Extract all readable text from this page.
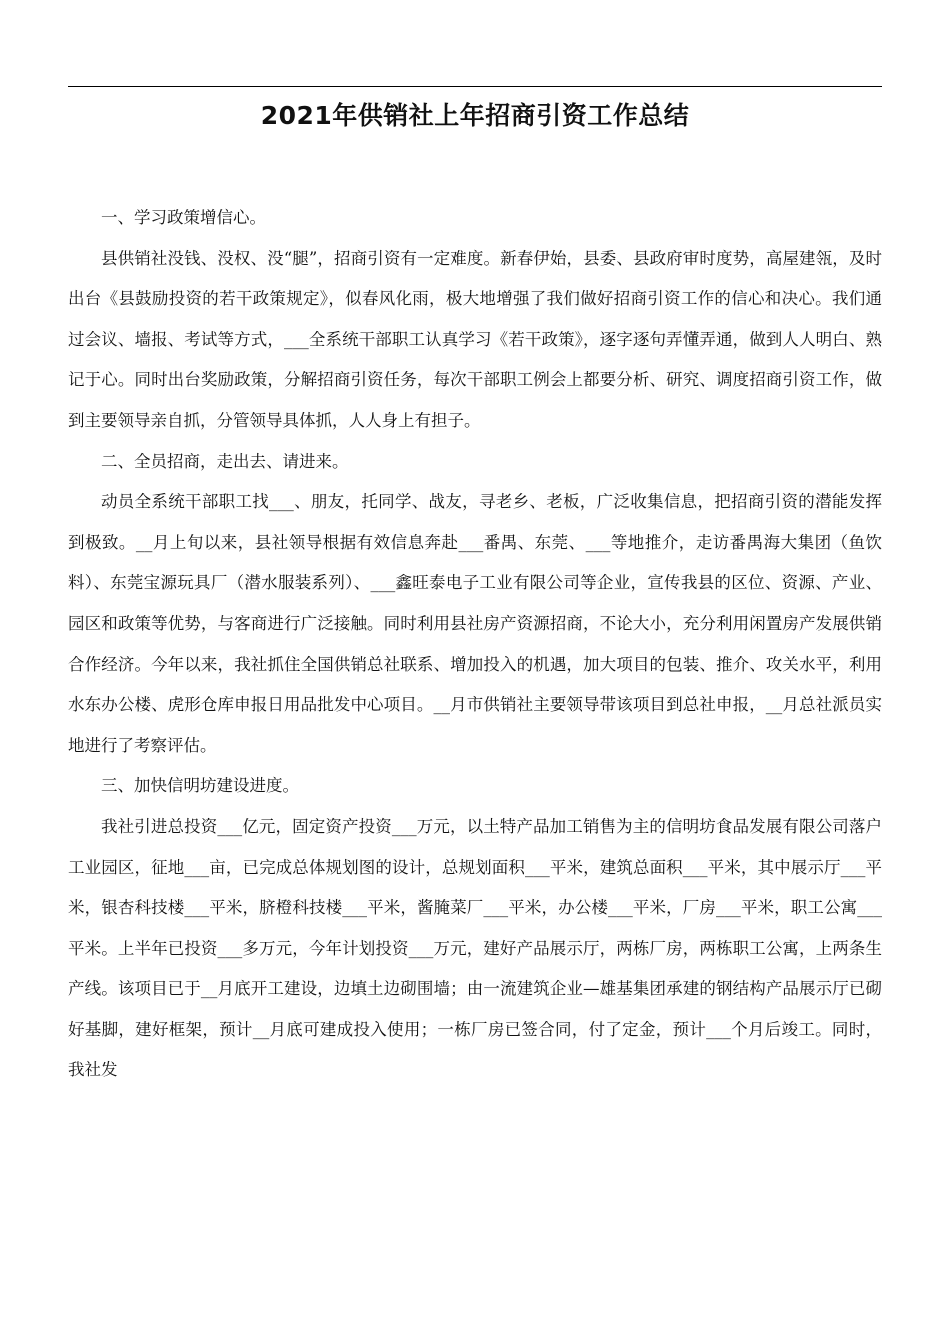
2021年供销社上年招商引资工作总结

一、学习政策增信心。

县供销社没钱、没权、没“腿”，招商引资有一定难度。新春伊始，县委、县政府审时度势，高屋建瓴，及时出台《县鼓励投资的若干政策规定》，似春风化雨，极大地增强了我们做好招商引资工作的信心和决心。我们通过会议、墙报、考试等方式，___全系统干部职工认真学习《若干政策》，逐字逐句弄懂弄通，做到人人明白、熟记于心。同时出台奖励政策，分解招商引资任务，每次干部职工例会上都要分析、研究、调度招商引资工作，做到主要领导亲自抓，分管领导具体抓，人人身上有担子。

二、全员招商，走出去、请进来。

动员全系统干部职工找___、朋友，托同学、战友，寻老乡、老板，广泛收集信息，把招商引资的潜能发挥到极致。__月上旬以来，县社领导根据有效信息奔赴___番禺、东莞、___等地推介，走访番禺海大集团（鱼饮料）、东莞宝源玩具厂（潜水服装系列）、___鑫旺泰电子工业有限公司等企业，宣传我县的区位、资源、产业、园区和政策等优势，与客商进行广泛接触。同时利用县社房产资源招商，不论大小，充分利用闲置房产发展供销合作经济。今年以来，我社抓住全国供销总社联系、增加投入的机遇，加大项目的包装、推介、攻关水平，利用水东办公楼、虎形仓库申报日用品批发中心项目。__月市供销社主要领导带该项目到总社申报，__月总社派员实地进行了考察评估。

三、加快信明坊建设进度。

我社引进总投资___亿元，固定资产投资___万元，以土特产品加工销售为主的信明坊食品发展有限公司落户工业园区，征地___亩，已完成总体规划图的设计，总规划面积___平米，建筑总面积___平米，其中展示厅___平米，银杏科技楼___平米，脐橙科技楼___平米，酱腌菜厂___平米，办公楼___平米，厂房___平米，职工公寓___平米。上半年已投资___多万元，今年计划投资___万元，建好产品展示厅，两栋厂房，两栋职工公寓，上两条生产线。该项目已于__月底开工建设，边填土边砌围墙；由一流建筑企业—雄基集团承建的钢结构产品展示厅已砌好基脚，建好框架，预计__月底可建成投入使用；一栋厂房已签合同，付了定金，预计___个月后竣工。同时，我社发
